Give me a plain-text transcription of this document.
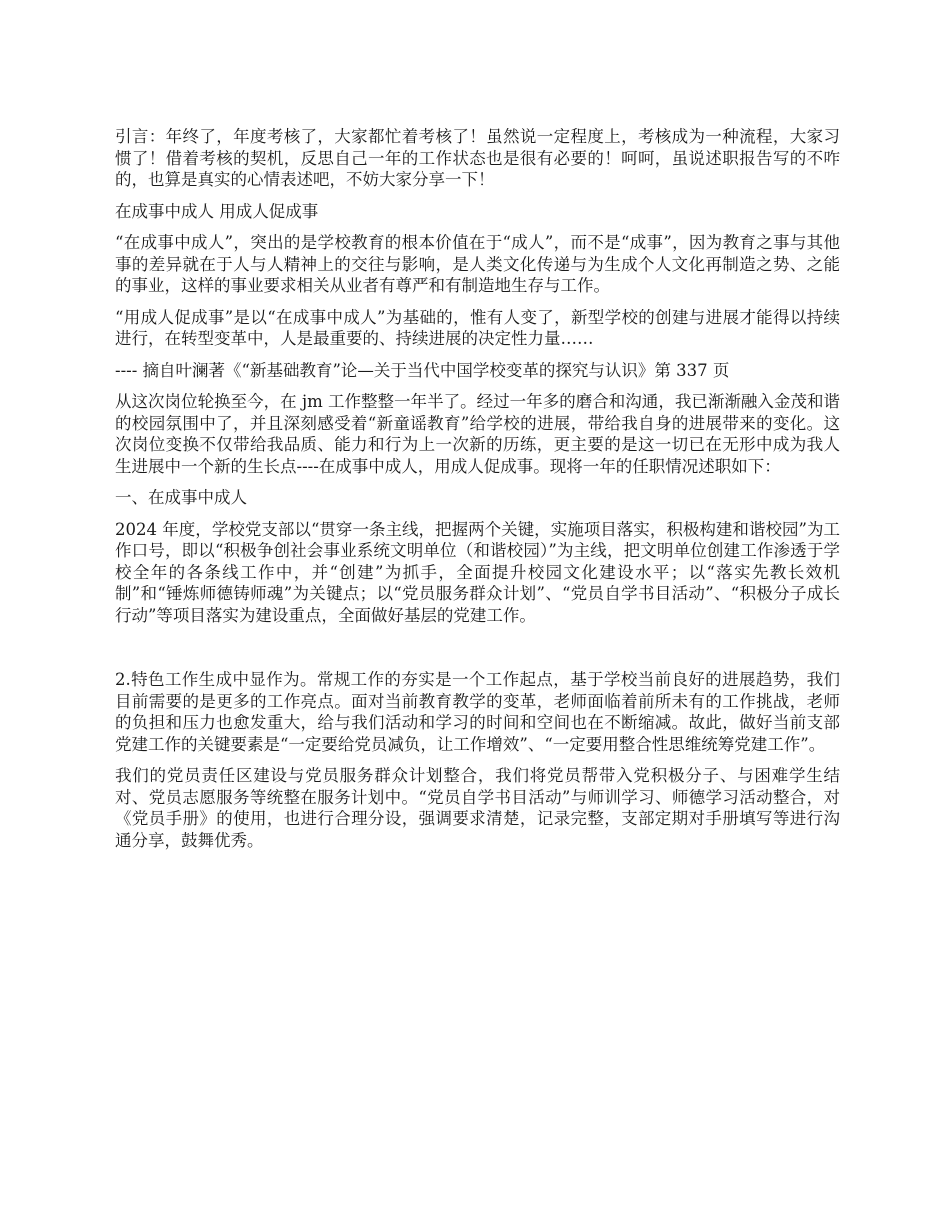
引言：年终了，年度考核了，大家都忙着考核了！虽然说一定程度上，考核成为一种流程，大家习惯了！借着考核的契机，反思自己一年的工作状态也是很有必要的！呵呵，虽说述职报告写的不咋的，也算是真实的心情表述吧，不妨大家分享一下！

在成事中成人 用成人促成事

“在成事中成人”，突出的是学校教育的根本价值在于“成人”，而不是“成事”，因为教育之事与其他事的差异就在于人与人精神上的交往与影响，是人类文化传递与为生成个人文化再制造之势、之能的事业，这样的事业要求相关从业者有尊严和有制造地生存与工作。

“用成人促成事”是以“在成事中成人”为基础的，惟有人变了，新型学校的创建与进展才能得以持续进行，在转型变革中，人是最重要的、持续进展的决定性力量……

---- 摘自叶澜著《“新基础教育”论—关于当代中国学校变革的探究与认识》第 337 页

从这次岗位轮换至今，在 jm 工作整整一年半了。经过一年多的磨合和沟通，我已渐渐融入金茂和谐的校园氛围中了，并且深刻感受着“新童谣教育”给学校的进展，带给我自身的进展带来的变化。这次岗位变换不仅带给我品质、能力和行为上一次新的历练，更主要的是这一切已在无形中成为我人生进展中一个新的生长点----在成事中成人，用成人促成事。现将一年的任职情况述职如下：

一、在成事中成人

2024 年度，学校党支部以“贯穿一条主线，把握两个关键，实施项目落实，积极构建和谐校园”为工作口号，即以“积极争创社会事业系统文明单位（和谐校园）”为主线，把文明单位创建工作渗透于学校全年的各条线工作中，并“创建”为抓手，全面提升校园文化建设水平；以“落实先教长效机制”和“锤炼师德铸师魂”为关键点；以“党员服务群众计划”、“党员自学书目活动”、“积极分子成长行动”等项目落实为建设重点，全面做好基层的党建工作。

2.特色工作生成中显作为。常规工作的夯实是一个工作起点，基于学校当前良好的进展趋势，我们目前需要的是更多的工作亮点。面对当前教育教学的变革，老师面临着前所未有的工作挑战，老师的负担和压力也愈发重大，给与我们活动和学习的时间和空间也在不断缩减。故此，做好当前支部党建工作的关键要素是“一定要给党员减负，让工作增效”、“一定要用整合性思维统筹党建工作”。

我们的党员责任区建设与党员服务群众计划整合，我们将党员帮带入党积极分子、与困难学生结对、党员志愿服务等统整在服务计划中。“党员自学书目活动”与师训学习、师德学习活动整合，对《党员手册》的使用，也进行合理分设，强调要求清楚，记录完整，支部定期对手册填写等进行沟通分享，鼓舞优秀。
